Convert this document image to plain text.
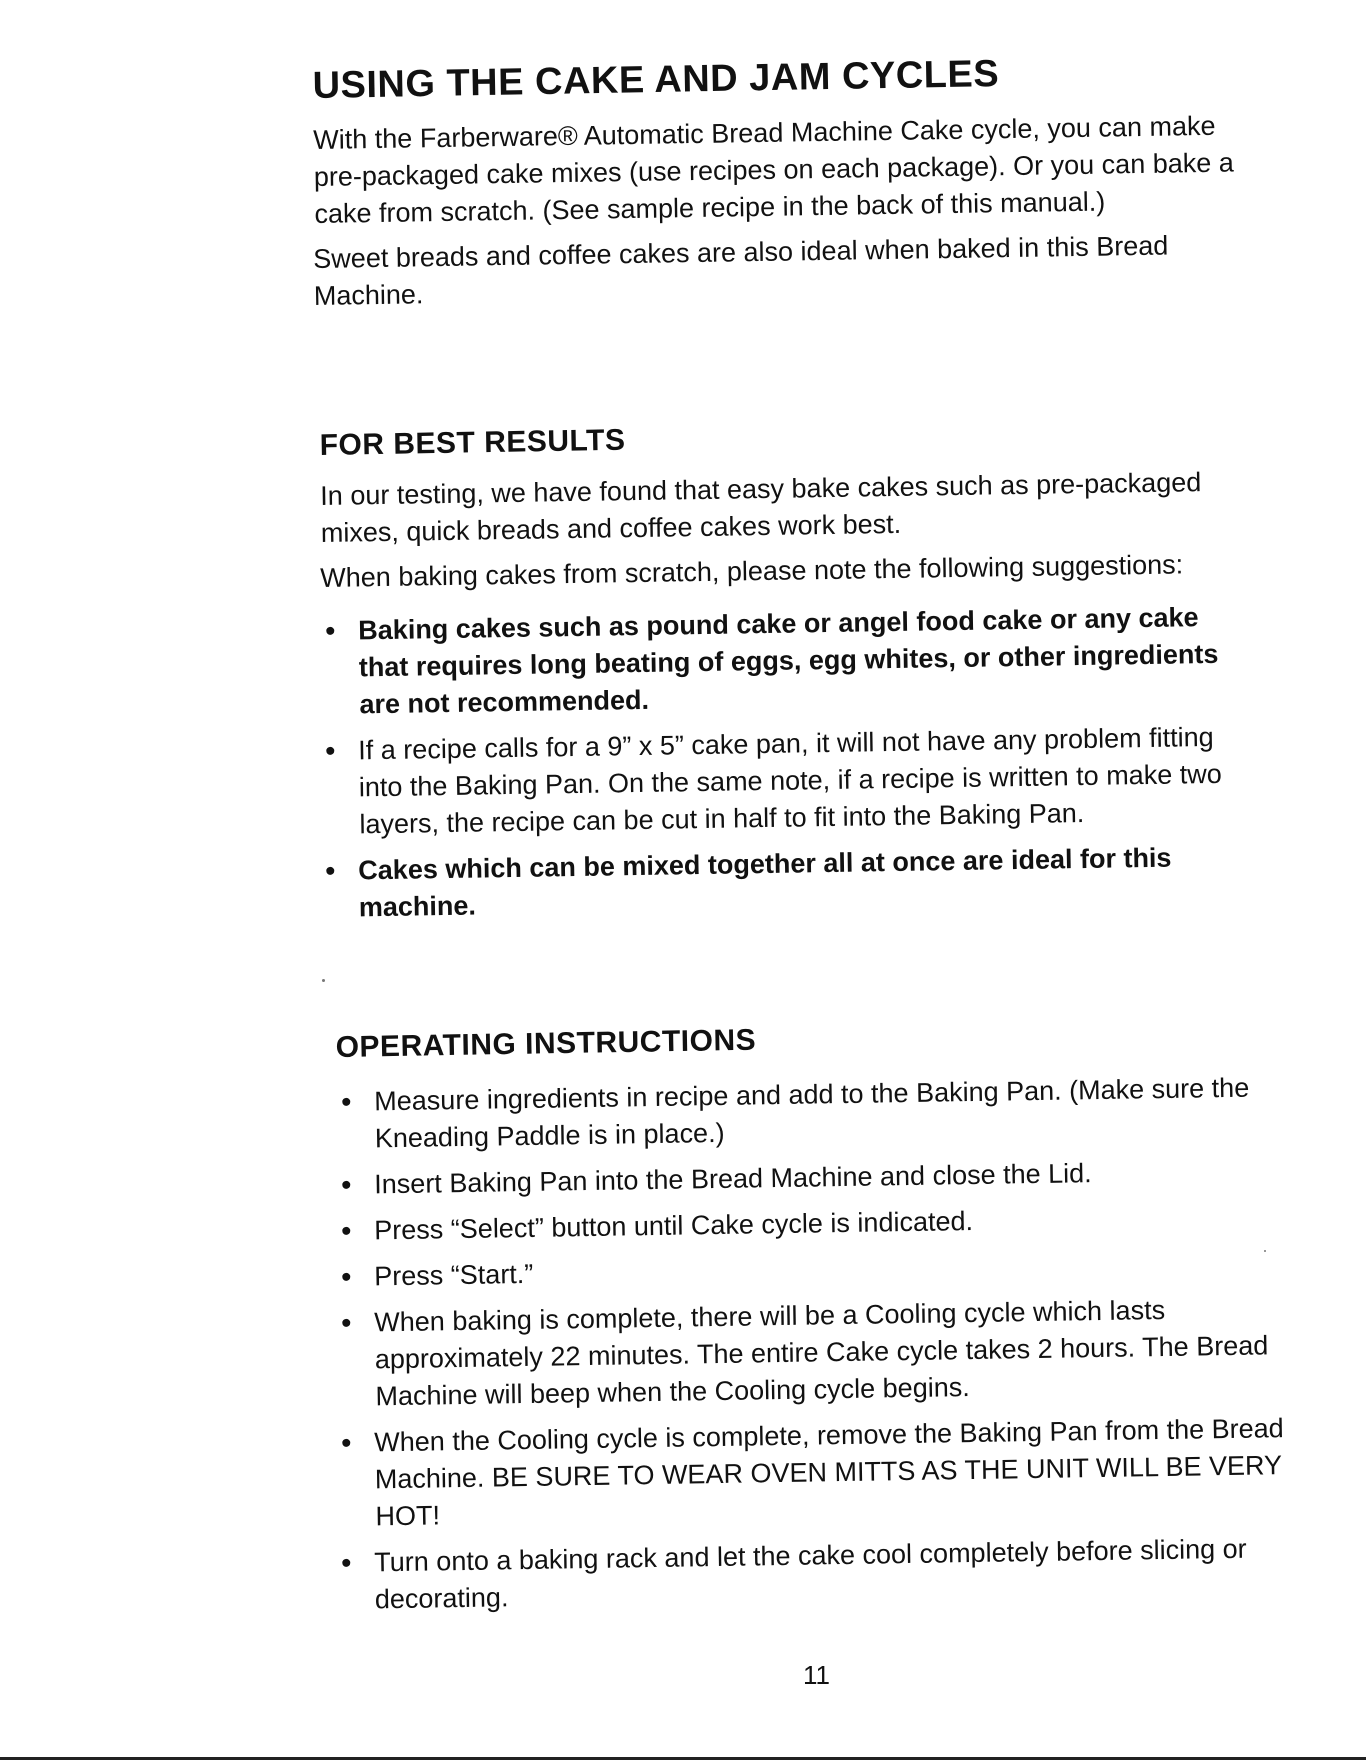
USING THE CAKE AND JAM CYCLES

With the Farberware® Automatic Bread Machine Cake cycle, you can make pre-packaged cake mixes (use recipes on each package). Or you can bake a cake from scratch. (See sample recipe in the back of this manual.)

Sweet breads and coffee cakes are also ideal when baked in this Bread Machine.

FOR BEST RESULTS

In our testing, we have found that easy bake cakes such as pre-packaged mixes, quick breads and coffee cakes work best.

When baking cakes from scratch, please note the following suggestions:

Baking cakes such as pound cake or angel food cake or any cake that requires long beating of eggs, egg whites, or other ingredients are not recommended.
If a recipe calls for a 9” x 5” cake pan, it will not have any problem fitting into the Baking Pan. On the same note, if a recipe is written to make two layers, the recipe can be cut in half to fit into the Baking Pan.
Cakes which can be mixed together all at once are ideal for this machine.
OPERATING INSTRUCTIONS
Measure ingredients in recipe and add to the Baking Pan. (Make sure the Kneading Paddle is in place.)
Insert Baking Pan into the Bread Machine and close the Lid.
Press “Select” button until Cake cycle is indicated.
Press “Start.”
When baking is complete, there will be a Cooling cycle which lasts approximately 22 minutes. The entire Cake cycle takes 2 hours. The Bread Machine will beep when the Cooling cycle begins.
When the Cooling cycle is complete, remove the Baking Pan from the Bread Machine. BE SURE TO WEAR OVEN MITTS AS THE UNIT WILL BE VERY HOT!
Turn onto a baking rack and let the cake cool completely before slicing or decorating.
11
